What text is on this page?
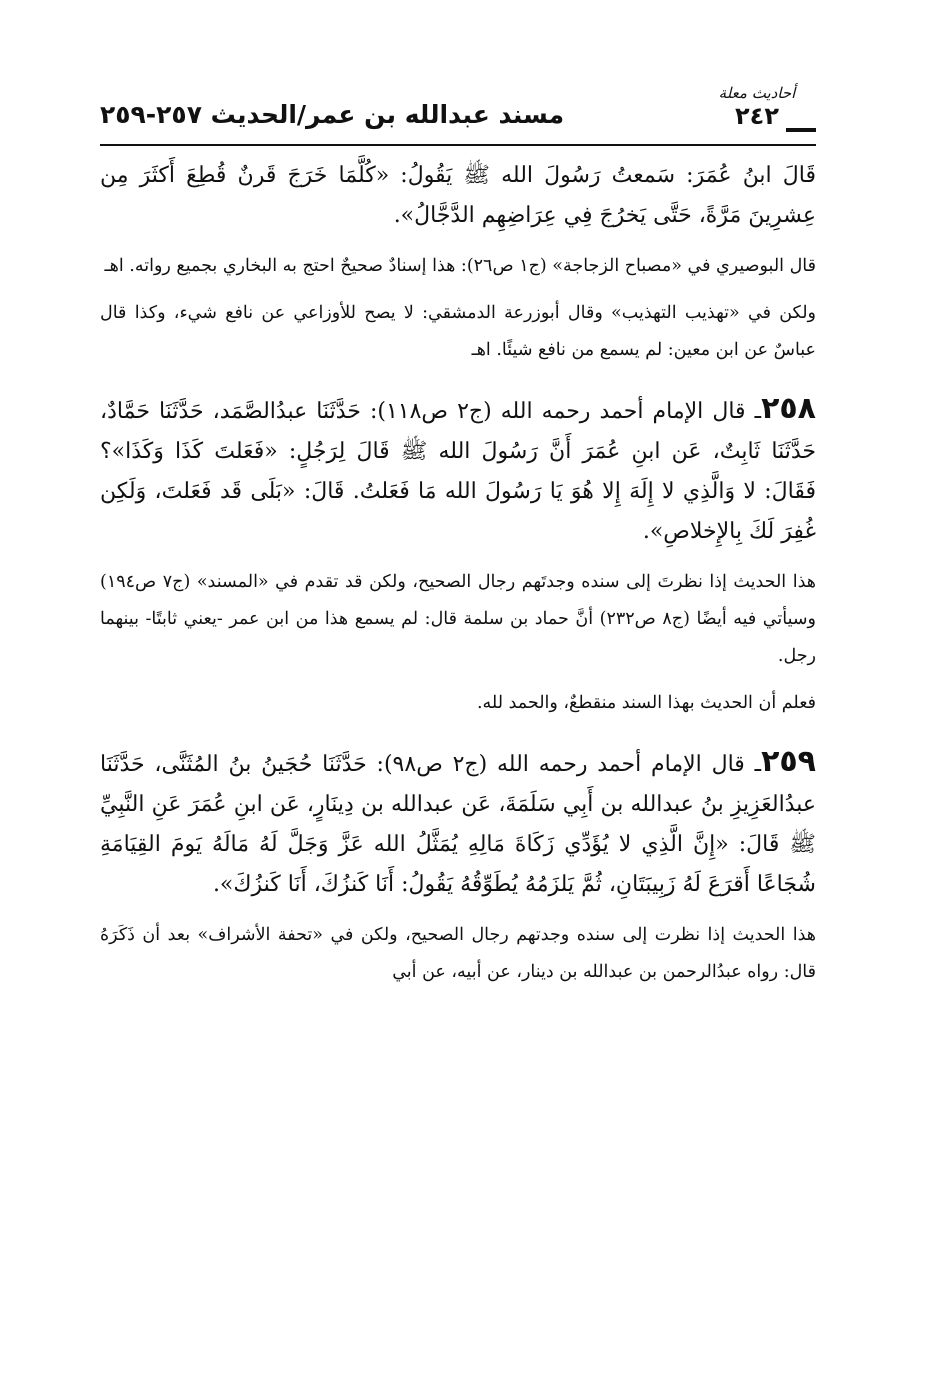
أحاديث معلة
٢٤٢
مسند عبدالله بن عمر/الحديث ٢٥٧-٢٥٩

قَالَ ابنُ عُمَرَ: سَمعتُ رَسُولَ الله ﷺ يَقُولُ: «كُلَّمَا خَرَجَ قَرنٌ قُطِعَ أَكثَرَ مِن عِشرِينَ مَرَّةً، حَتَّى يَخرُجَ فِي عِرَاضِهِم الدَّجَّالُ».

قال البوصيري في «مصباح الزجاجة» (ج١ ص٢٦): هذا إسنادٌ صحيحٌ احتج به البخاري بجميع رواته. اهـ

ولكن في «تهذيب التهذيب» وقال أبوزرعة الدمشقي: لا يصح للأوزاعي عن نافع شيء، وكذا قال عباسٌ عن ابن معين: لم يسمع من نافع شيئًا. اهـ

٢٥٨ـ قال الإمام أحمد رحمه الله (ج٢ ص١١٨): حَدَّثَنَا عبدُالصَّمَد، حَدَّثَنَا حَمَّادٌ، حَدَّثَنَا ثَابِتٌ، عَن ابنِ عُمَرَ أَنَّ رَسُولَ الله ﷺ قَالَ لِرَجُلٍ: «فَعَلتَ كَذَا وَكَذَا»؟ فَقَالَ: لا وَالَّذِي لا إِلَهَ إِلا هُوَ يَا رَسُولَ الله مَا فَعَلتُ. قَالَ: «بَلَى قَد فَعَلتَ، وَلَكِن غُفِرَ لَكَ بِالإِخلاصِ».

هذا الحديث إذا نظرتَ إلى سنده وجدتَهم رجال الصحيح، ولكن قد تقدم في «المسند» (ج٧ ص١٩٤) وسيأتي فيه أيضًا (ج٨ ص٢٣٢) أنَّ حماد بن سلمة قال: لم يسمع هذا من ابن عمر -يعني ثابتًا- بينهما رجل.

فعلم أن الحديث بهذا السند منقطعٌ، والحمد لله.

٢٥٩ـ قال الإمام أحمد رحمه الله (ج٢ ص٩٨): حَدَّثَنَا حُجَينُ بنُ المُثَنَّى، حَدَّثَنَا عبدُالعَزِيزِ بنُ عبدالله بن أَبِي سَلَمَةَ، عَن عبدالله بن دِينَارٍ، عَن ابنِ عُمَرَ عَنِ النَّبِيِّ ﷺ قَالَ: «إِنَّ الَّذِي لا يُؤَدِّي زَكَاةَ مَالِهِ يُمَثَّلُ الله عَزَّ وَجَلَّ لَهُ مَالَهُ يَومَ القِيَامَةِ شُجَاعًا أَقرَعَ لَهُ زَبِيبَتَانِ، ثُمَّ يَلزَمُهُ يُطَوِّقُهُ يَقُولُ: أَنَا كَنزُكَ، أَنَا كَنزُكَ».

هذا الحديث إذا نظرت إلى سنده وجدتهم رجال الصحيح، ولكن في «تحفة الأشراف» بعد أن ذَكَرَهُ قال: رواه عبدُالرحمن بن عبدالله بن دينار، عن أبيه، عن أبي
